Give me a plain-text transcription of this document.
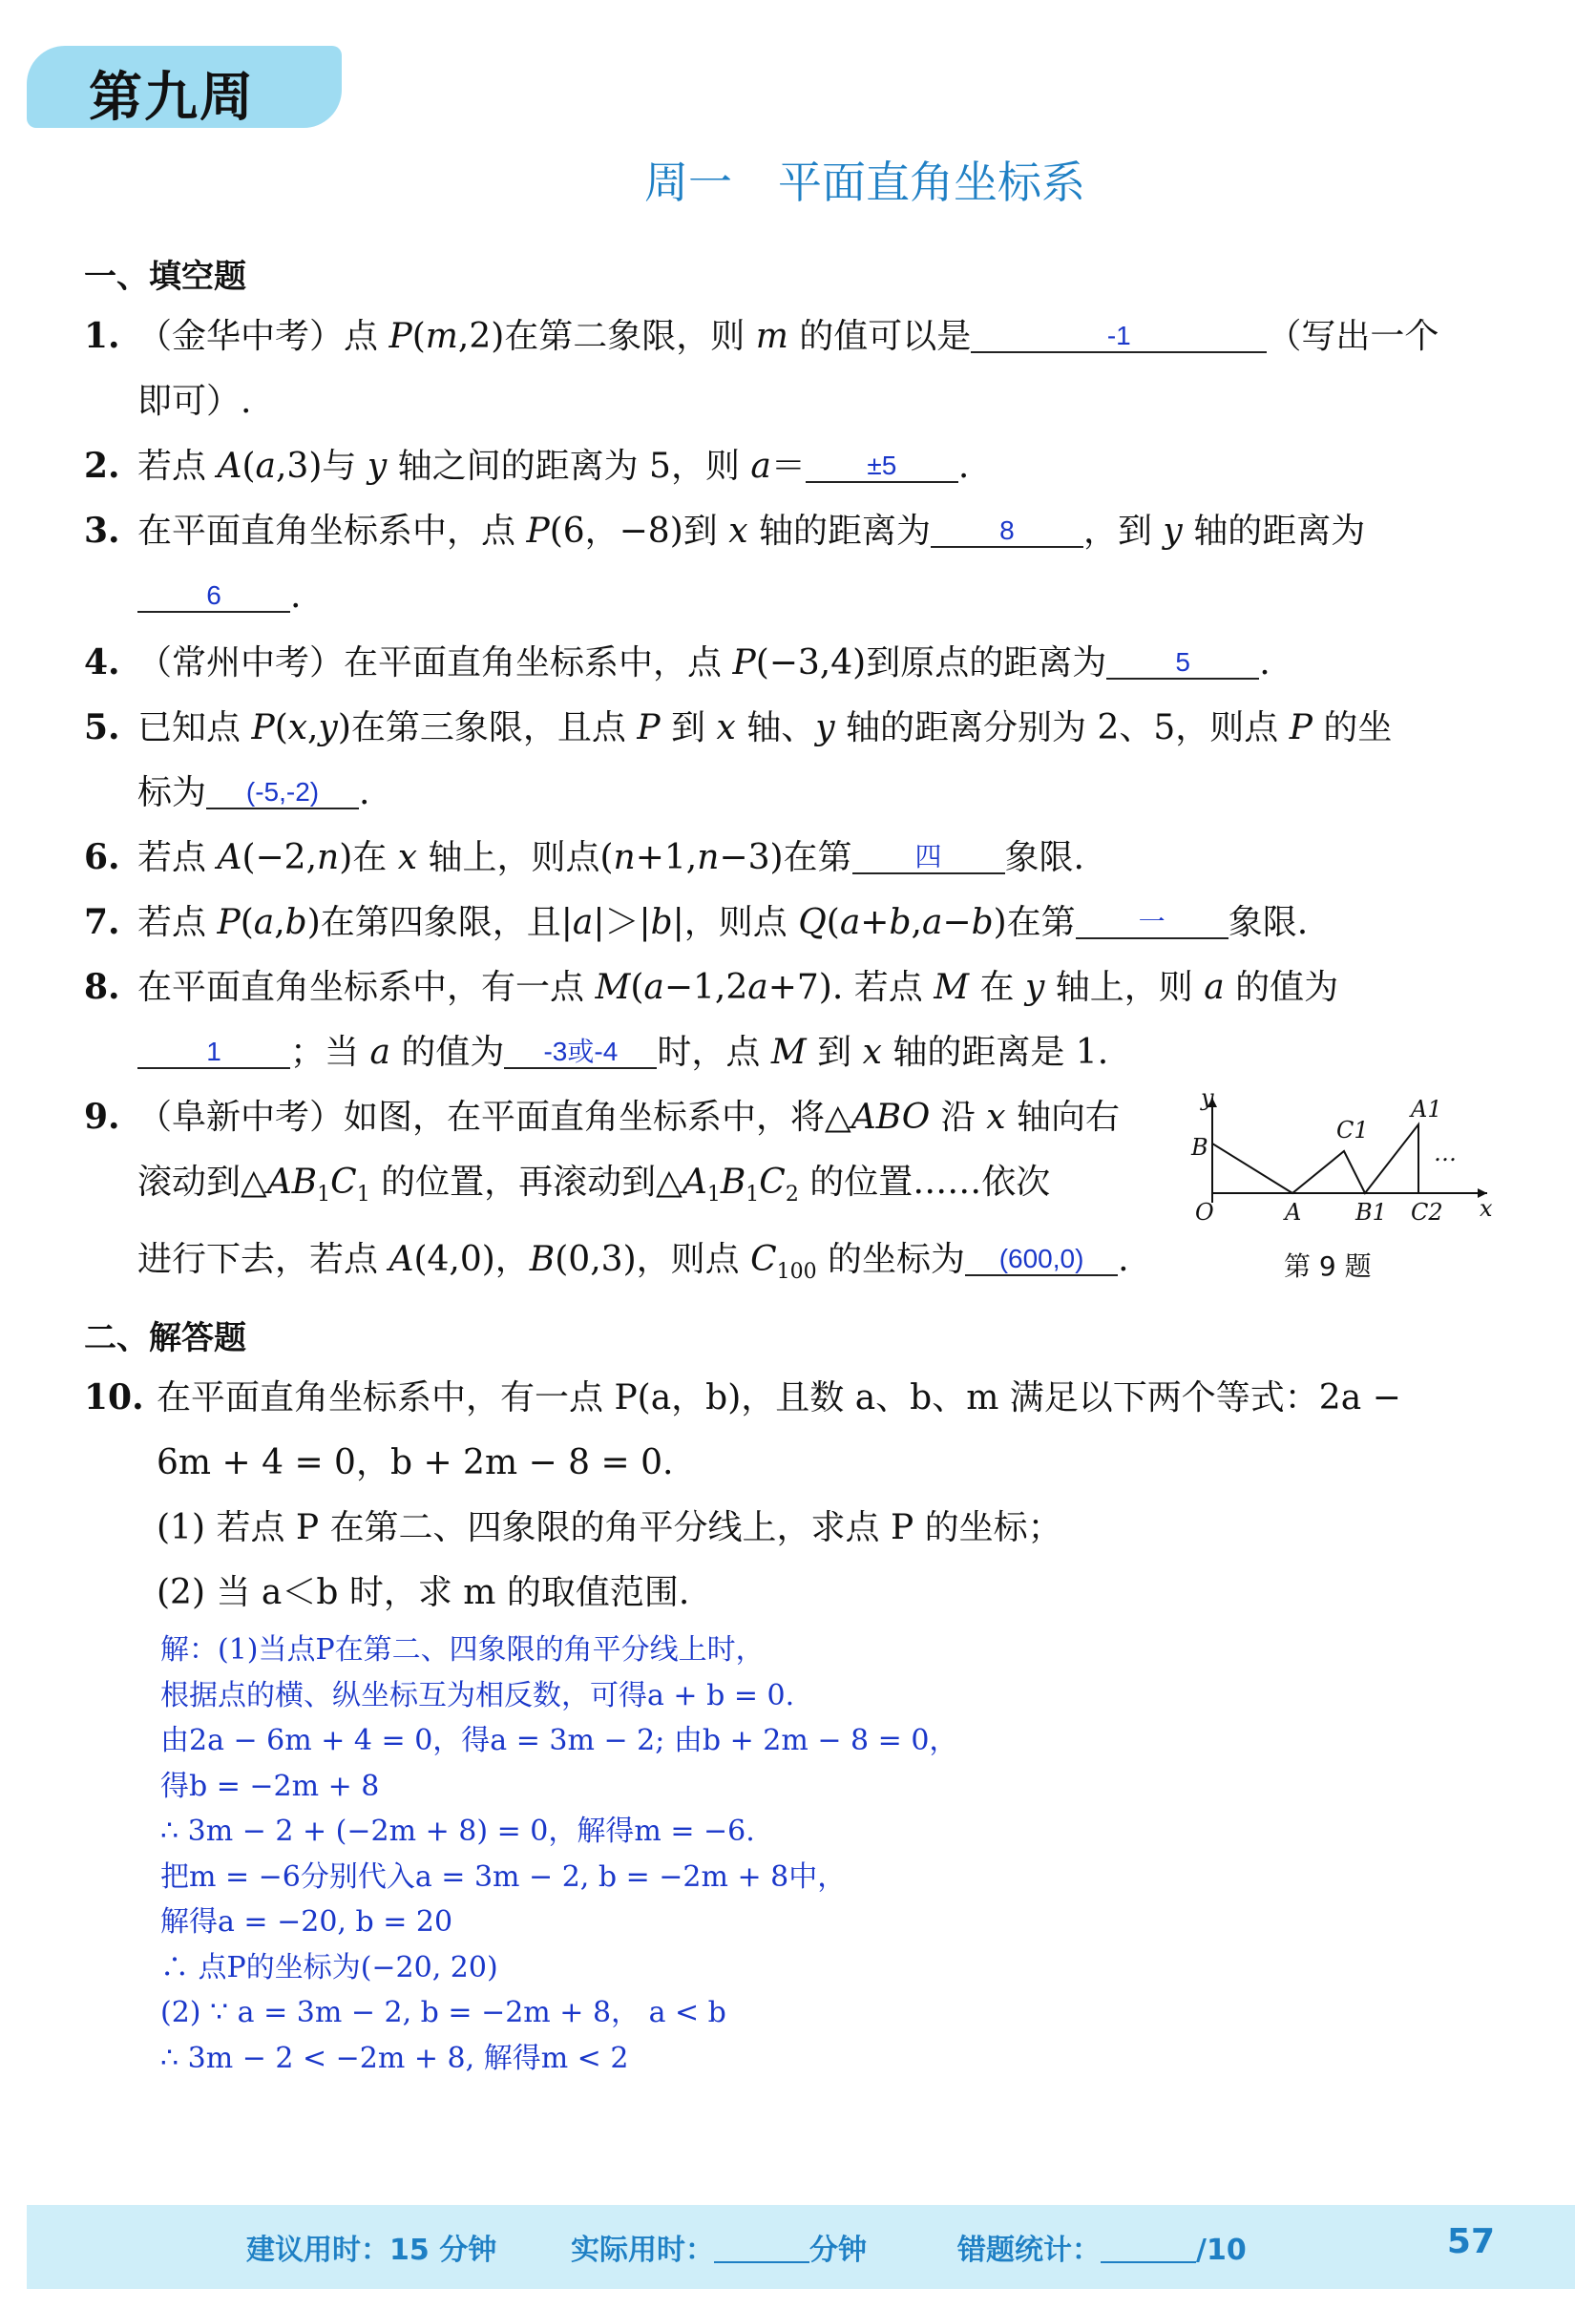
第九周
周一 平面直角坐标系
一、填空题
1. （金华中考）点 P(m,2)在第二象限，则 m 的值可以是	-1	（写出一个
即可）.
2. 若点 A(a,3)与 y 轴之间的距离为 5，则 a＝	±5	.
3. 在平面直角坐标系中，点 P(6，−8)到 x 轴的距离为	8	，到 y 轴的距离为

6	.
4. （常州中考）在平面直角坐标系中，点 P(−3,4)到原点的距离为	5	.
5. 已知点 P(x,y)在第三象限，且点 P 到 x 轴、y 轴的距离分别为 2、5，则点 P 的坐
标为	(-5,-2)	.
6. 若点 A(−2,n)在 x 轴上，则点(n+1,n−3)在第	四	象限.
7. 若点 P(a,b)在第四象限，且|a|＞|b|，则点 Q(a+b,a−b)在第	一	象限.
8. 在平面直角坐标系中，有一点 M(a−1,2a+7). 若点 M 在 y 轴上，则 a 的值为

1	；当 a 的值为	-3或-4	时，点 M 到 x 轴的距离是 1.
9. （阜新中考）如图，在平面直角坐标系中，将△ABO 沿 x 轴向右
滚动到$\triangle AB_1C_1$ 的位置，再滚动到$\triangle A_1B_1C_2$ 的位置……依次
进行下去，若点 A(4,0)，B(0,3)，则点 $C_{100}$ 的坐标为	(600,0) .
y
B
C1
A1
…
O	A B1 C2 x
第 9 题
二、解答题
10. 在平面直角坐标系中，有一点 P(a，b)，且数 a、b、m 满足以下两个等式：2a −
6m + 4 = 0，b + 2m − 8 = 0.
(1) 若点 P 在第二、四象限的角平分线上，求点 P 的坐标；
(2) 当 a＜b 时，求 m 的取值范围.
解：(1)当点P在第二、四象限的角平分线上时，
根据点的横、纵坐标互为相反数，可得a + b = 0.
由2a − 6m + 4 = 0，得a = 3m − 2; 由b + 2m − 8 = 0，
得b = −2m + 8
∴ 3m − 2 + (−2m + 8) = 0，解得m = −6.
把m = −6分别代入a = 3m − 2, b = −2m + 8中，
解得a = −20, b = 20
∴ 点P的坐标为(−20, 20)
(2) ∵ a = 3m − 2, b = −2m + 8， a < b
∴ 3m − 2 < −2m + 8, 解得m < 2
建议用时：15 分钟	实际用时：	分钟	错题统计：	/10	57
